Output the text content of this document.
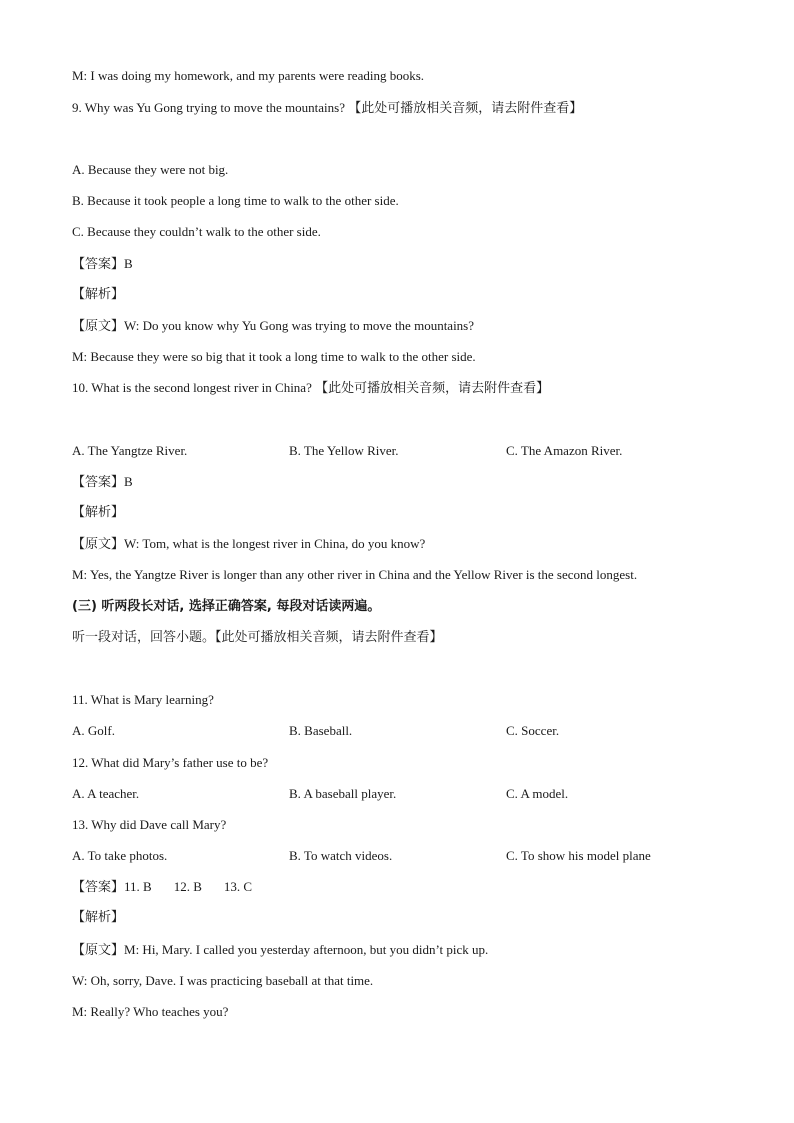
M: I was doing my homework, and my parents were reading books.
9. Why was Yu Gong trying to move the mountains? 【此处可播放相关音频，请去附件查看】
A. Because they were not big.
B. Because it took people a long time to walk to the other side.
C. Because they couldn’t walk to the other side.
【答案】B
【解析】
【原文】W: Do you know why Yu Gong was trying to move the mountains?
M: Because they were so big that it took a long time to walk to the other side.
10. What is the second longest river in China? 【此处可播放相关音频，请去附件查看】
A. The Yangtze River.	B. The Yellow River.	C. The Amazon River.
【答案】B
【解析】
【原文】W: Tom, what is the longest river in China, do you know?
M: Yes, the Yangtze River is longer than any other river in China and the Yellow River is the second longest.
(三) 听两段长对话, 选择正确答案, 每段对话读两遍。
听一段对话，回答小题。【此处可播放相关音频，请去附件查看】
11. What is Mary learning?
A. Golf.	B. Baseball.	C. Soccer.
12. What did Mary’s father use to be?
A. A teacher.	B. A baseball player.	C. A model.
13. Why did Dave call Mary?
A. To take photos.	B. To watch videos.	C. To show his model plane
【答案】11. B 12. B 13. C
【解析】
【原文】M: Hi, Mary. I called you yesterday afternoon, but you didn’t pick up.
W: Oh, sorry, Dave. I was practicing baseball at that time.
M: Really? Who teaches you?
